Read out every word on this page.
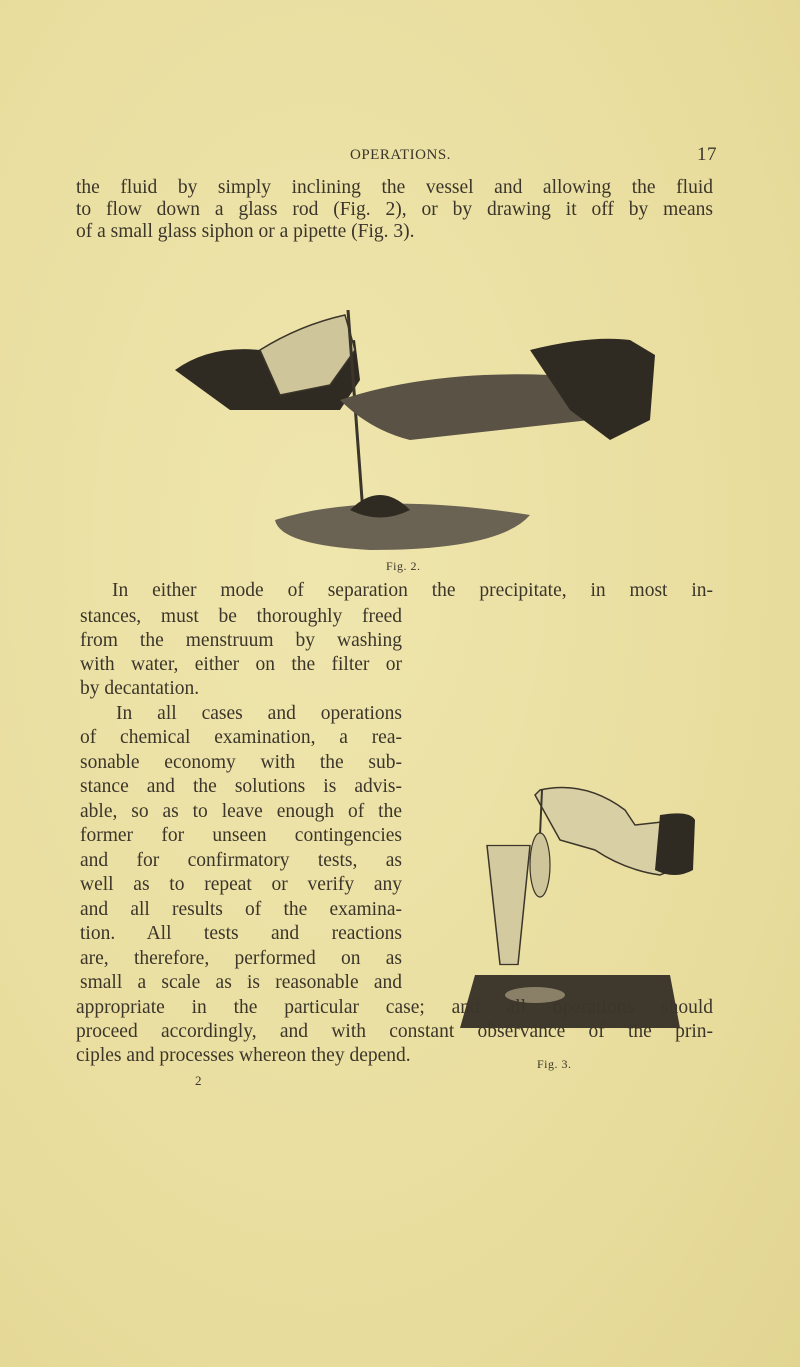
OPERATIONS.	17
the fluid by simply inclining the vessel and allowing the fluid
to flow down a glass rod (Fig. 2), or by drawing it off by means
of a small glass siphon or a pipette (Fig. 3).
Fig. 2.
In either mode of separation the precipitate, in most in-
stances, must be thoroughly freed
from the menstruum by washing
with water, either on the filter or
by decantation.
In all cases and operations
of chemical examination, a rea-
sonable economy with the sub-
stance and the solutions is advis-
able, so as to leave enough of the
former for unseen contingencies
and for confirmatory tests, as
well as to repeat or verify any
and all results of the examina-
tion. All tests and reactions
are, therefore, performed on as
small a scale as is reasonable and
Fig. 3.
appropriate in the particular case; and all operations should
proceed accordingly, and with constant observance of the prin-
ciples and processes whereon they depend.
2
